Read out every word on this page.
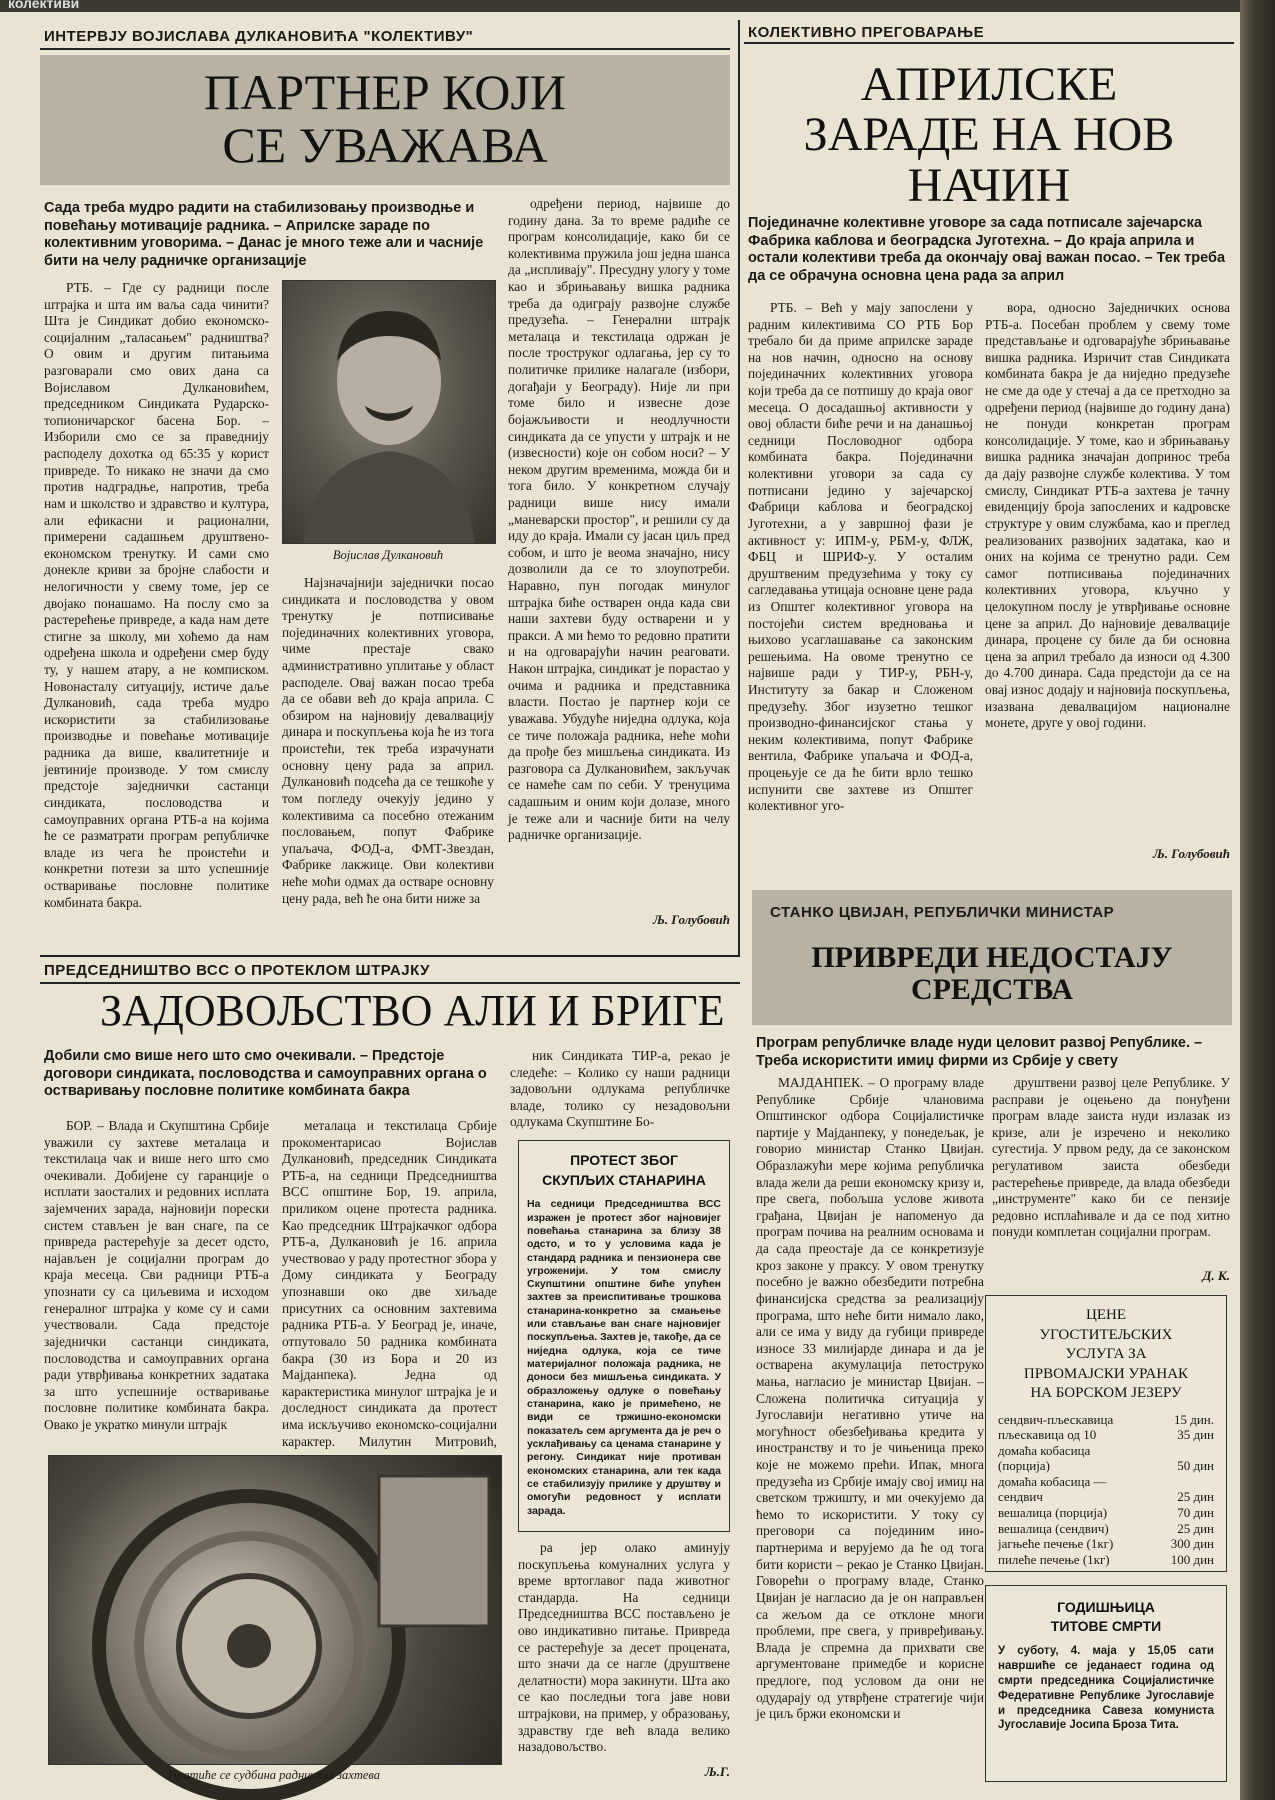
колективи
ИНТЕРВЈУ ВОЈИСЛАВА ДУЛКАНОВИЋА "КОЛЕКТИВУ"
ПАРТНЕР КОЈИ
СЕ УВАЖАВА
Сада треба мудро радити на стабилизовању производње и повећању мотивације радника. – Априлске зараде по колективним уговорима. – Данас је много теже али и часније бити на челу радничке организације

РТБ. – Где су радници после штрајка и шта им ваља сада чинити? Шта је Синдикат добио економско-социјалним „таласањем" радништва? О овим и другим питањима разговарали смо ових дана са Војиславом Дулкановићем, председником Синдиката Рударско-топионичарског басена Бор. – Изборили смо се за праведнију расподелу дохотка од 65:35 у корист привреде. То никако не значи да смо против надградње, напротив, треба нам и школство и здравство и култура, али ефикасни и рационални, примерени садашњем друштвено-економском тренутку. И сами смо донекле криви за бројне слабости и нелогичности у свему томе, јер се двојако понашамо. На послу смо за растерећење привреде, а када нам дете стигне за школу, ми хоћемо да нам одређена школа и одређени смер буду ту, у нашем атару, а не комписком. Новонасталу ситуацију, истиче даље Дулкановић, сада треба мудро искористити за стабилизовање производње и повећање мотивације радника да више, квалитетније и јевтиније производе. У том смислу предстоје заједнички састанци синдиката, пословодства и самоуправних органа РТБ-а на којима ће се разматрати програм републичке владе из чега ће проистећи и конкретни потези за што успешније остваривање пословне политике комбината бакра.

Војислав Дулкановић

Најзначајнији заједнички посао синдиката и пословодства у овом тренутку је потписивање појединачних колективних уговора, чиме престаје свако административно уплитање у област расподеле. Овај важан посао треба да се обави већ до краја априла. С обзиром на најновију девалвацију динара и поскупљења која ће из тога проистећи, тек треба израчунати основну цену рада за април. Дулкановић подсећа да се тешкоће у том погледу очекују једино у колективима са посебно отежаним пословањем, попут Фабрике упаљача, ФОД-а, ФМТ-Звездан, Фабрике лакжице. Ови колективи неће моћи одмах да остваре основну цену рада, већ ће она бити ниже за

одређени период, највише до годину дана. За то време радиће се програм консолидације, како би се колективима пружила још једна шанса да „испливаjу". Пресудну улогу у томе као и збрињавању вишка радника треба да одиграју развојне службе предузећа. – Генерални штрајк металаца и текстилаца одржан је после троструког одлагања, јер су то политичке прилике налагале (избори, догађаји у Београду). Није ли при томе било и извесне дозе бојажљивости и неодлучности синдиката да се упусти у штрајк и не (извесности) које он собом носи? – У неком другим временима, можда би и тога било. У конкретном случају радници више нису имали „маневарски простор", и решили су да иду до краја. Имали су јасан циљ пред собом, и што је веома значајно, нису дозволили да се то злоупотреби. Наравно, пун погодак минулог штрајка биће остварен онда када сви наши захтеви буду остварени и у пракси. А ми ћемо то редовно пратити и на одговарајући начин реаговати. Након штрајка, синдикат је порастао у очима и радника и представника власти. Постао је партнер који се уважава. Убудуће ниједна одлука, која се тиче положаја радника, неће моћи да прође без мишљења синдиката. Из разговора са Дулкановићем, закључак се намеће сам по себи. У тренуцима садашњим и оним који долазе, много је теже али и часније бити на челу радничке организације.

Љ. Голубовић
КОЛЕКТИВНО ПРЕГОВАРАЊЕ
АПРИЛСКЕ
ЗАРАДЕ НА НОВ
НАЧИН
Појединачне колективне уговоре за сада потписале зајечарска Фабрика каблова и београдска Југотехна. – До краја априла и остали колективи треба да окончају овај важан посао. – Тек треба да се обрачуна основна цена рада за април

РТБ. – Већ у мају запослени у радним килективима СО РТБ Бор требало би да приме априлске зараде на нов начин, односно на основу појединачних колективних уговора који треба да се потпишу до краја овог месеца. О досадашњој активности у овој области биће речи и на данашњој седници Пословодног одбора комбината бакра. Појединачни колективни уговори за сада су потписани једино у зајечарској Фабрици каблова и београдској Југотехни, а у завршној фази је активност у: ИПМ-у, РБМ-у, ФЛЖ, ФБЦ и ШРИФ-у. У осталим друштвеним предузећима у току су сагледавања утицаја основне цене рада из Општег колективног уговора на постојећи систем вредновања и њихово усаглашавање са законским решењима. На овоме тренутно се највише ради у ТИР-у, РБН-у, Институту за бакар и Сложеном предузећу. Због изузетно тешког производно-финансијског стања у неким колективима, попут Фабрике вентила, Фабрике упаљача и ФОД-а, процењује се да ће бити врло тешко испунити све захтеве из Општег колективног уго-

вора, односно Заједничких основа РТБ-а. Посебан проблем у свему томе представљање и одговарајуће збрињавање вишка радника. Изричит став Синдиката комбината бакра је да ниједно предузеће не сме да оде у стечај а да се претходно за одређени период (највише до годину дана) не понуди конкретан програм консолидације. У томе, као и збрињавању вишка радника значајан допринос треба да дају развојне службе колектива. У том смислу, Синдикат РТБ-а захтева је тачну евиденцију броја запослених и кадровске структуре у овим службама, као и преглед реализованих развојних задатака, као и оних на којима се тренутно ради. Сем самог потписивања појединачних колективних уговора, кључно у целокупном послу је утврђивање основне цене за април. До најновије девалвације динара, процене су биле да би основна цена за април требало да износи од 4.300 до 4.700 динара. Сада предстоји да се на овај износ додају и најновија поскупљења, изазвана девалвацијом националне монете, друге у овој години.

Љ. Голубовић
ПРЕДСЕДНИШТВО ВСС О ПРОТЕКЛОМ ШТРАЈКУ
ЗАДОВОЉСТВО АЛИ И БРИГЕ
Добили смо више него што смо очекивали. – Предстоје договори синдиката, пословодства и самоуправних органа о остваривању пословне политике комбината бакра

БОР. – Влада и Скупштина Србије уважили су захтеве металаца и текстилаца чак и више него што смо очекивали. Добијене су гаранције о исплати заосталих и редовних исплата зајемчених зарада, најновији порески систем стављен је ван снаге, па се привреда растерећује за десет одсто, најављен је социјални програм до краја месеца. Сви радници РТБ-а упознати су са циљевима и исходом генералног штрајка у коме су и сами учествовали. Сада предстоје заједнички састанци синдиката, пословодства и самоуправних органа ради утврђивања конкретних задатака за што успешније остваривање пословне политике комбината бакра. Овако је укратко минули штрајк

металаца и текстилаца Србије прокоментарисао Војислав Дулкановић, председник Синдиката РТБ-а, на седници Председништва ВСС општине Бор, 19. априла, приликом оцене протеста радника. Као председник Штрајкачког одбора РТБ-а, Дулкановић је 16. априла учествовао у раду протестног збора у Дому синдиката у Београду упознавши око две хиљаде присутних са основним захтевима радника РТБ-а. У Београд је, иначе, отпутовало 50 радника комбината бакра (30 из Бора и 20 из Мајданпека). Једна од карактеристика минулог штрајка је и доследност синдиката да протест има искључиво економско-социјални карактер. Милутин Митровић,

ник Синдиката ТИР-а, рекао је следеће: – Колико су наши радници задовољни одлукама републичке владе, толико су незадовољни одлукама Скупштине Бо-

ПРОТЕСТ ЗБОГ
СКУПЉИХ СТАНАРИНА
На седници Председништва ВСС изражен је протест због најновијег повећања станарина за близу 38 одсто, и то у условима када је стандард радника и пензионера све угроженији. У том смислу Скупштини општине биће упућен захтев за преиспитивање трошкова станарина-конкретно за смањење или стављање ван снаге најновијег поскупљења. Захтев је, такође, да се ниједна одлука, која се тиче материјалног положаја радника, не доноси без мишљења синдиката. У образложењу одлуке о повећању станарина, како је примећено, не види се тржишно-економски показатељ сем аргумента да је реч о усклађивању са ценама станарине у регону. Синдикат није противан економских станарина, али тек када се стабилизују прилике у друштву и омогући редовност у исплати зарада.
Пратиће се судбина радничких захтева

ра јер олако аминују поскупљења комуналних услуга у време вртоглавог пада животног стандарда. На седници Председништва ВСС постављено је ово индикативно питање. Привреда се растерећује за десет процената, што значи да се нагле (друштвене делатности) мора закинути. Шта ако се као последњи тога јаве нови штрајкови, на пример, у образовању, здравству где већ влада велико назадовољство.

Љ.Г.
СТАНКО ЦВИЈАН, РЕПУБЛИЧКИ МИНИСТАР
ПРИВРЕДИ НЕДОСТАЈУ
СРЕДСТВА
Програм републичке владе нуди целовит развој Републике. – Треба искористити имиџ фирми из Србије у свету

МАЈДАНПЕК. – О програму владе Републике Србије члановима Општинског одбора Социјалистичке партије у Мајданпеку, у понедељак, је говорио министар Станко Цвијан. Образлажући мере којима републичка влада жели да реши економску кризу и, пре свега, побољша услове живота грађана, Цвијан је напоменуо да програм почива на реалним основама и да сада преостаје да се конкретизује кроз законе у праксу. У овом тренутку посебно је важно обезбедити потребна финансијска средства за реализацију програма, што неће бити нимало лако, али се има у виду да губици привреде износе 33 милијарде динара и да је остварена акумулација петоструко мања, нагласио је министар Цвијан. – Сложена политичка ситуација у Југославији негативно утиче на могућност обезбеђивања кредита у иностранству и то је чињеница преко које не можемо прећи. Ипак, многа предузећа из Србије имају свој имиџ на светском тржишту, и ми очекујемо да ћемо то искористити. У току су преговори са појединим ино-партнерима и верујемо да ће од тога бити користи – рекао је Станко Цвијан. Говорећи о програму владе, Станко Цвијан је нагласио да је он направљен са жељом да се отклоне многи проблеми, пре свега, у привређивању. Влада је спремна да прихвати све аргументоване примедбе и корисне предлоге, под условом да они не одударају од утврђене стратегије чији је циљ бржи економски и

друштвени развој целе Републике. У расправи је оцењено да понуђени програм владе заиста нуди излазак из кризе, али је изречено и неколико сугестија. У првом реду, да се законском регулативом заиста обезбеди растерећење привреде, да влада обезбеди „инструменте" како би се пензије редовно исплаћивале и да се под хитно понуди комплетан социјални програм.

Д. К.
ЦЕНЕ
УГОСТИТЕЉСКИХ
УСЛУГА ЗА
ПРВОМАЈСКИ УРАНАК
НА БОРСКОМ ЈЕЗЕРУ
сендвич-пљескавица	15 дин.
пљескавица од 10	35 дин
домаћа кобасица
(порција)	50 дин
домаћа кобасица —
сендвич	25 дин
вешалица (порција)	70 дин
вешалица (сендвич)	25 дин
јагњеће печење (1кг)	300 дин
пилеће печење (1кг)	100 дин
ГОДИШЊИЦА
ТИТОВЕ СМРТИ
У суботу, 4. маја у 15,05 сати навршиће се једанаест година од смрти председника Социјалистичке Федеративне Републике Југославије и председника Савеза комуниста Југославије Јосипа Броза Тита.
